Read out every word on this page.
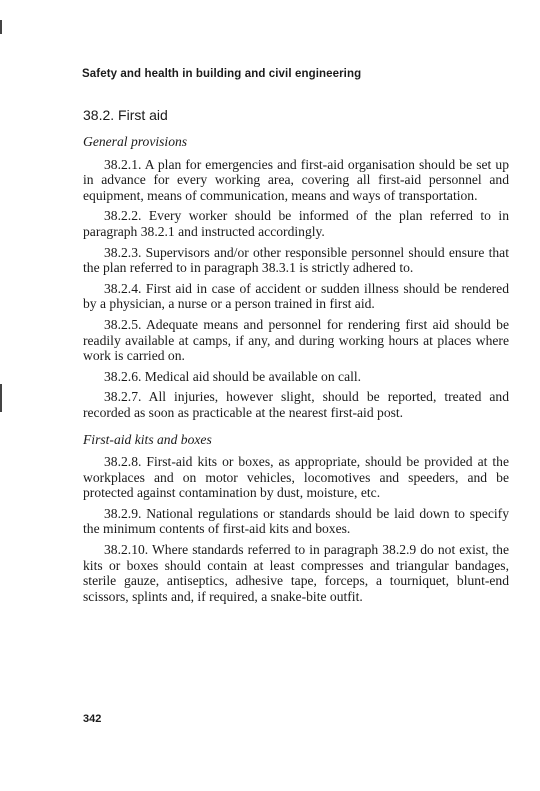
Safety and health in building and civil engineering
38.2. First aid
General provisions

38.2.1. A plan for emergencies and first-aid organisation should be set up in advance for every working area, covering all first-aid personnel and equipment, means of communication, means and ways of transportation.

38.2.2. Every worker should be informed of the plan referred to in paragraph 38.2.1 and instructed accordingly.

38.2.3. Supervisors and/or other responsible personnel should ensure that the plan referred to in paragraph 38.3.1 is strictly adhered to.

38.2.4. First aid in case of accident or sudden illness should be rendered by a physician, a nurse or a person trained in first aid.

38.2.5. Adequate means and personnel for rendering first aid should be readily available at camps, if any, and during working hours at places where work is carried on.

38.2.6. Medical aid should be available on call.

38.2.7. All injuries, however slight, should be reported, treated and recorded as soon as practicable at the nearest first-aid post.

First-aid kits and boxes

38.2.8. First-aid kits or boxes, as appropriate, should be provided at the workplaces and on motor vehicles, locomotives and speeders, and be protected against contamination by dust, moisture, etc.

38.2.9. National regulations or standards should be laid down to specify the minimum contents of first-aid kits and boxes.

38.2.10. Where standards referred to in paragraph 38.2.9 do not exist, the kits or boxes should contain at least compresses and triangular bandages, sterile gauze, antiseptics, adhesive tape, forceps, a tourniquet, blunt-end scissors, splints and, if required, a snake-bite outfit.

342
